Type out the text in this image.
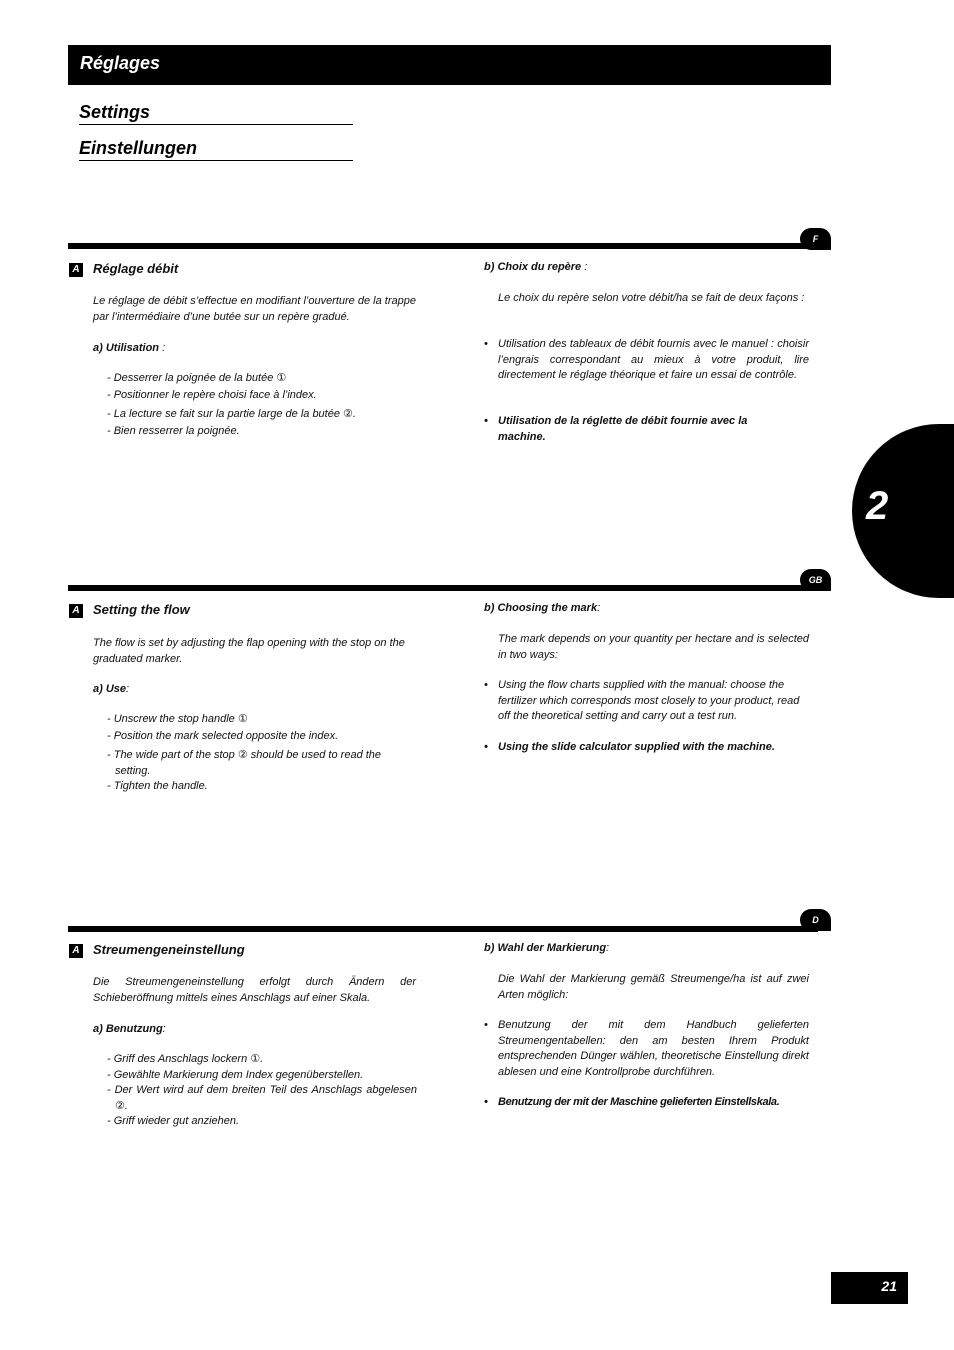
Réglages
Settings
Einstellungen
2
F
A Réglage débit
Le réglage de débit s’effectue en modifiant l’ouverture de la trappe par l’intermédiaire d’une butée sur un repère gradué.
a) Utilisation :
- Desserrer la poignée de la butée ①
- Positionner le repère choisi face à l’index.
- La lecture se fait sur la partie large de la butée ②.
- Bien resserrer la poignée.
b) Choix du repère :
Le choix du repère selon votre débit/ha se fait de deux façons :
• Utilisation des tableaux de débit fournis avec le manuel : choisir l’engrais correspondant au mieux à votre produit, lire directement le réglage théorique et faire un essai de contrôle.
• Utilisation de la réglette de débit fournie avec la machine.
GB
A Setting the flow
The flow is set by adjusting the flap opening with the stop on the graduated marker.
a) Use:
- Unscrew the stop handle ①
- Position the mark selected opposite the index.
- The wide part of the stop ② should be used to read the setting.
- Tighten the handle.
b) Choosing the mark:
The mark depends on your quantity per hectare and is selected in two ways:
• Using the flow charts supplied with the manual: choose the fertilizer which corresponds most closely to your product, read off the theoretical setting and carry out a test run.
• Using the slide calculator supplied with the machine.
D
A Streumengeneinstellung
Die Streumengeneinstellung erfolgt durch Ändern der Schieberöffnung mittels eines Anschlags auf einer Skala.
a) Benutzung:
- Griff des Anschlags lockern ①.
- Gewählte Markierung dem Index gegenüberstellen.
- Der Wert wird auf dem breiten Teil des Anschlags abgelesen ②.
- Griff wieder gut anziehen.
b) Wahl der Markierung:
Die Wahl der Markierung gemäß Streumenge/ha ist auf zwei Arten möglich:
• Benutzung der mit dem Handbuch gelieferten Streumengentabellen: den am besten Ihrem Produkt entsprechenden Dünger wählen, theoretische Einstellung direkt ablesen und eine Kontrollprobe durchführen.
• Benutzung der mit der Maschine gelieferten Einstellskala.
21
